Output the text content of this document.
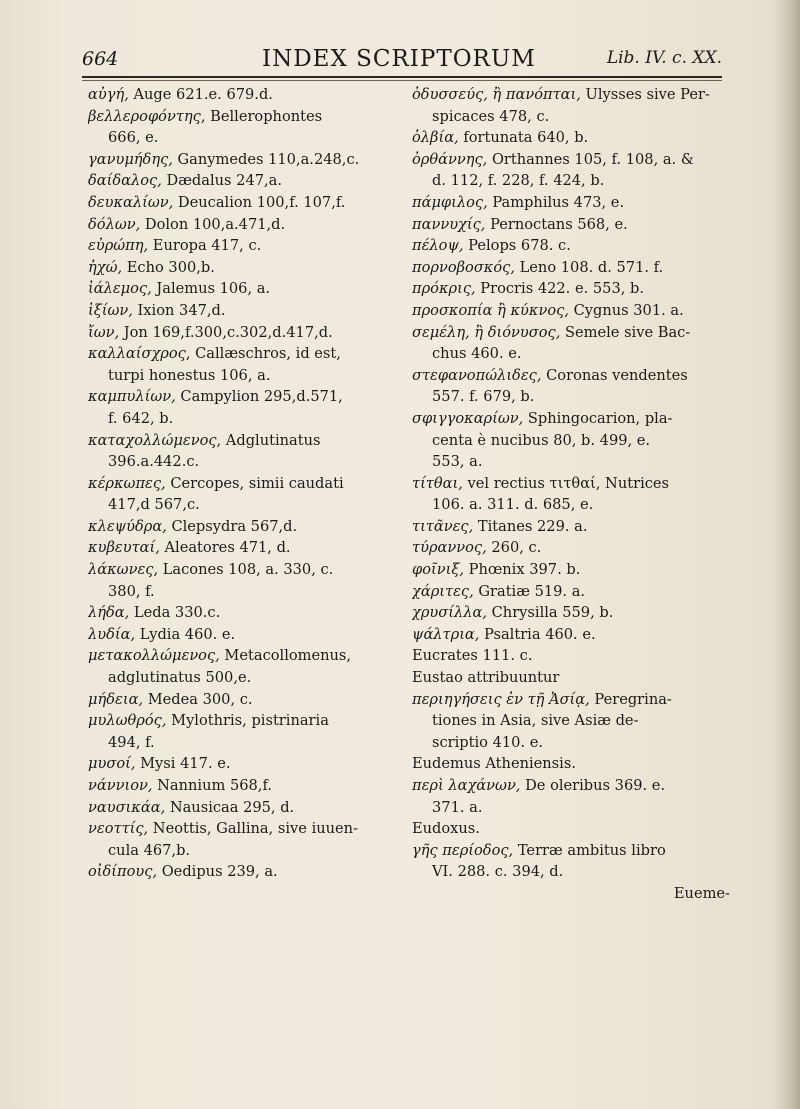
664	INDEX SCRIPTORUM	Lib. IV. c. XX.
αὐγή, Auge 621.e. 679.d.
βελλεροφόντης, Bellerophontes
666, e.
γανυμήδης, Ganymedes 110,a.248,c.
δαίδαλος, Dædalus 247,a.
δευκαλίων, Deucalion 100,f. 107,f.
δόλων, Dolon 100,a.471,d.
εὐρώπη, Europa 417, c.
ἠχώ, Echo 300,b.
ἰάλεμος, Jalemus 106, a.
ἰξίων, Ixion 347,d.
ἴων, Jon 169,f.300,c.302,d.417,d.
καλλαίσχρος, Callæschros, id est,
turpi honestus 106, a.
καμπυλίων, Campylion 295,d.571,
f. 642, b.
καταχολλώμενος, Adglutinatus
396.a.442.c.
κέρκωπες, Cercopes, simii caudati
417,d 567,c.
κλεψύδρα, Clepsydra 567,d.
κυβευταί, Aleatores 471, d.
λάκωνες, Lacones 108, a. 330, c.
380, f.
λήδα, Leda 330.c.
λυδία, Lydia 460. e.
μετακολλώμενος, Metacollomenus,
adglutinatus 500,e.
μήδεια, Medea 300, c.
μυλωθρός, Mylothris, pistrinaria
494, f.
μυσοί, Mysi 417. e.
νάννιον, Nannium 568,f.
ναυσικάα, Nausicaa 295, d.
νεοττίς, Neottis, Gallina, sive iuuen-
cula 467,b.
οἰδίπους, Oedipus 239, a.
ὀδυσσεύς, ἢ πανόπται, Ulysses sive Per-
spicaces 478, c.
ὀλβία, fortunata 640, b.
ὀρθάννης, Orthannes 105, f. 108, a. &
d. 112, f. 228, f. 424, b.
πάμφιλος, Pamphilus 473, e.
παννυχίς, Pernoctans 568, e.
πέλοψ, Pelops 678. c.
πορνοβοσκός, Leno 108. d. 571. f.
πρόκρις, Procris 422. e. 553, b.
προσκοπία ἢ κύκνος, Cygnus 301. a.
σεμέλη, ἢ διόνυσος, Semele sive Bac-
chus 460. e.
στεφανοπώλιδες, Coronas vendentes
557. f. 679, b.
σφιγγοκαρίων, Sphingocarion, pla-
centa è nucibus 80, b. 499, e.
553, a.
τίτθαι, vel rectius τιτθαί, Nutrices
106. a. 311. d. 685, e.
τιτᾶνες, Titanes 229. a.
τύραννος, 260, c.
φοῖνιξ, Phœnix 397. b.
χάριτες, Gratiæ 519. a.
χρυσίλλα, Chrysilla 559, b.
ψάλτρια, Psaltria 460. e.
Eucrates 111. c.
Eustao attribuuntur
περιηγήσεις ἐν τῇ Ἀσίᾳ, Peregrina-
tiones in Asia, sive Asiæ de-
scriptio 410. e.
Eudemus Atheniensis.
περὶ λαχάνων, De oleribus 369. e.
371. a.
Eudoxus.
γῆς περίοδος, Terræ ambitus libro
VI. 288. c. 394, d.
Eueme-
